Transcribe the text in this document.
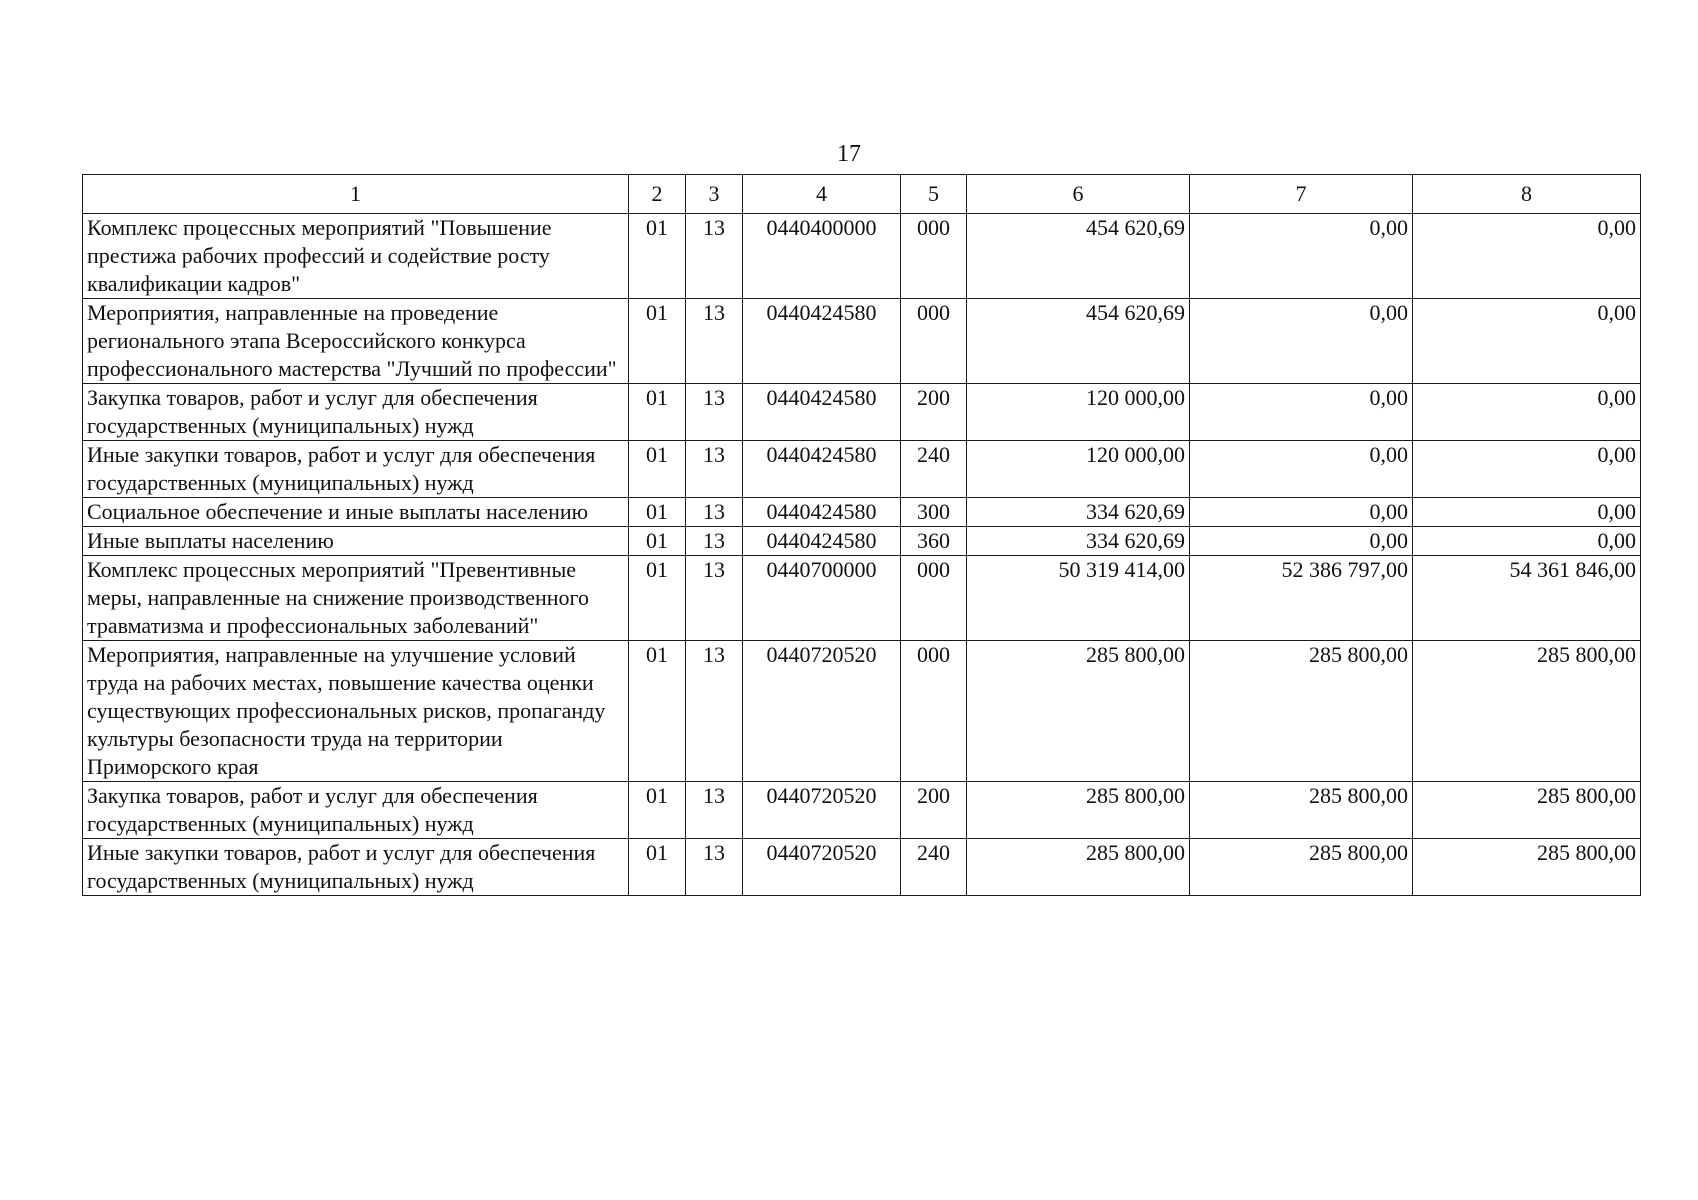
17
1	2	3	4	5	6	7	8
Комплекс процессных мероприятий "Повышение престижа рабочих профессий и содействие росту квалификации кадров"	01	13	0440400000	000	454 620,69	0,00	0,00
Мероприятия, направленные на проведение регионального этапа Всероссийского конкурса профессионального мастерства "Лучший по профессии"	01	13	0440424580	000	454 620,69	0,00	0,00
Закупка товаров, работ и услуг для обеспечения государственных (муниципальных) нужд	01	13	0440424580	200	120 000,00	0,00	0,00
Иные закупки товаров, работ и услуг для обеспечения государственных (муниципальных) нужд	01	13	0440424580	240	120 000,00	0,00	0,00
Социальное обеспечение и иные выплаты населению	01	13	0440424580	300	334 620,69	0,00	0,00
Иные выплаты населению	01	13	0440424580	360	334 620,69	0,00	0,00
Комплекс процессных мероприятий "Превентивные меры, направленные на снижение производственного травматизма и профессиональных заболеваний"	01	13	0440700000	000	50 319 414,00	52 386 797,00	54 361 846,00
Мероприятия, направленные на улучшение условий труда на рабочих местах, повышение качества оценки существующих профессиональных рисков, пропаганду культуры безопасности труда на территории Приморского края	01	13	0440720520	000	285 800,00	285 800,00	285 800,00
Закупка товаров, работ и услуг для обеспечения государственных (муниципальных) нужд	01	13	0440720520	200	285 800,00	285 800,00	285 800,00
Иные закупки товаров, работ и услуг для обеспечения государственных (муниципальных) нужд	01	13	0440720520	240	285 800,00	285 800,00	285 800,00
